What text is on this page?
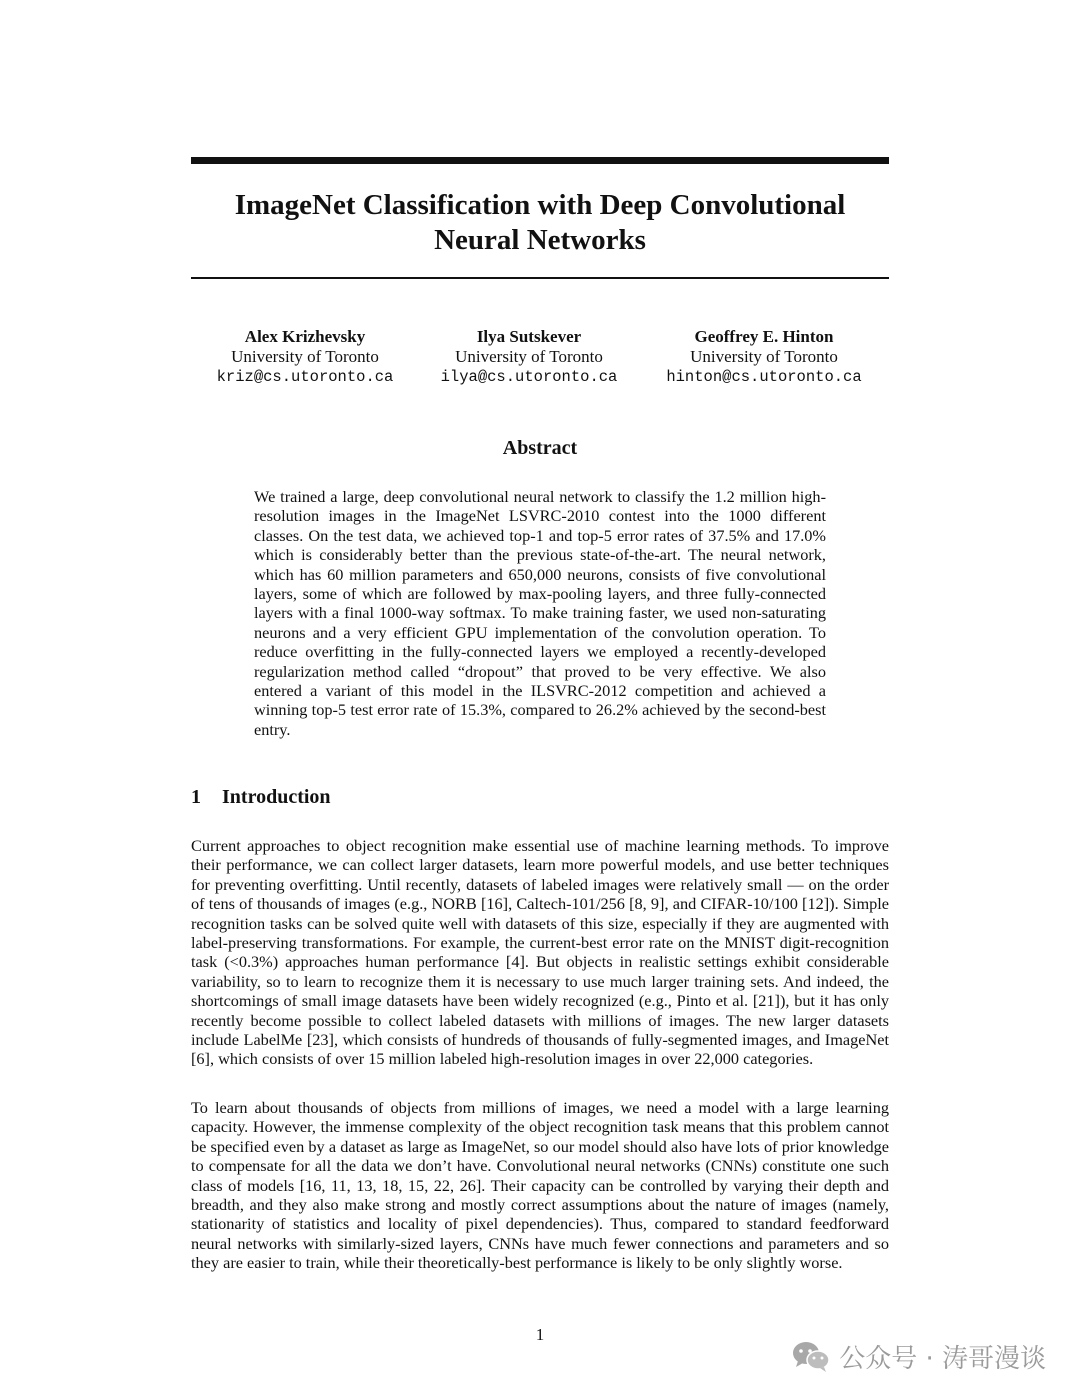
ImageNet Classification with Deep Convolutional
Neural Networks
Alex Krizhevsky
University of Toronto
kriz@cs.utoronto.ca
Ilya Sutskever
University of Toronto
ilya@cs.utoronto.ca
Geoffrey E. Hinton
University of Toronto
hinton@cs.utoronto.ca
Abstract

We trained a large, deep convolutional neural network to classify the 1.2 million high-resolution images in the ImageNet LSVRC-2010 contest into the 1000 different classes. On the test data, we achieved top-1 and top-5 error rates of 37.5% and 17.0% which is considerably better than the previous state-of-the-art. The neural network, which has 60 million parameters and 650,000 neurons, consists of five convolutional layers, some of which are followed by max-pooling layers, and three fully-connected layers with a final 1000-way softmax. To make training faster, we used non-saturating neurons and a very efficient GPU implementation of the convolution operation. To reduce overfitting in the fully-connected layers we employed a recently-developed regularization method called “dropout” that proved to be very effective. We also entered a variant of this model in the ILSVRC-2012 competition and achieved a winning top-5 test error rate of 15.3%, compared to 26.2% achieved by the second-best entry.

1 Introduction

Current approaches to object recognition make essential use of machine learning methods. To improve their performance, we can collect larger datasets, learn more powerful models, and use better techniques for preventing overfitting. Until recently, datasets of labeled images were relatively small — on the order of tens of thousands of images (e.g., NORB [16], Caltech-101/256 [8, 9], and CIFAR-10/100 [12]). Simple recognition tasks can be solved quite well with datasets of this size, especially if they are augmented with label-preserving transformations. For example, the current-best error rate on the MNIST digit-recognition task (<0.3%) approaches human performance [4]. But objects in realistic settings exhibit considerable variability, so to learn to recognize them it is necessary to use much larger training sets. And indeed, the shortcomings of small image datasets have been widely recognized (e.g., Pinto et al. [21]), but it has only recently become possible to collect labeled datasets with millions of images. The new larger datasets include LabelMe [23], which consists of hundreds of thousands of fully-segmented images, and ImageNet [6], which consists of over 15 million labeled high-resolution images in over 22,000 categories.

To learn about thousands of objects from millions of images, we need a model with a large learning capacity. However, the immense complexity of the object recognition task means that this problem cannot be specified even by a dataset as large as ImageNet, so our model should also have lots of prior knowledge to compensate for all the data we don’t have. Convolutional neural networks (CNNs) constitute one such class of models [16, 11, 13, 18, 15, 22, 26]. Their capacity can be controlled by varying their depth and breadth, and they also make strong and mostly correct assumptions about the nature of images (namely, stationarity of statistics and locality of pixel dependencies). Thus, compared to standard feedforward neural networks with similarly-sized layers, CNNs have much fewer connections and parameters and so they are easier to train, while their theoretically-best performance is likely to be only slightly worse.

1
公众号 · 涛哥漫谈
